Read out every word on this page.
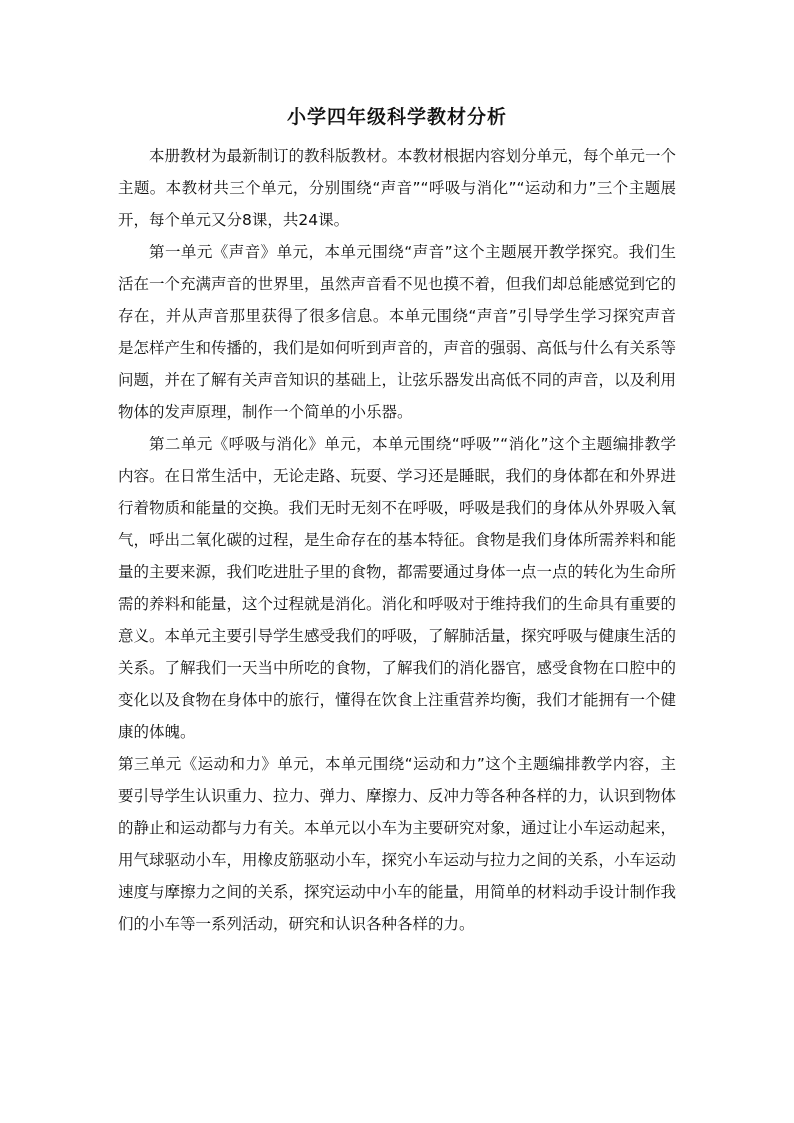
小学四年级科学教材分析

本册教材为最新制订的教科版教材。本教材根据内容划分单元，每个单元一个主题。本教材共三个单元，分别围绕“声音”“呼吸与消化”“运动和力”三个主题展开，每个单元又分8课，共24课。

第一单元《声音》单元，本单元围绕“声音”这个主题展开教学探究。我们生活在一个充满声音的世界里，虽然声音看不见也摸不着，但我们却总能感觉到它的存在，并从声音那里获得了很多信息。本单元围绕“声音”引导学生学习探究声音是怎样产生和传播的，我们是如何听到声音的，声音的强弱、高低与什么有关系等问题，并在了解有关声音知识的基础上，让弦乐器发出高低不同的声音，以及利用物体的发声原理，制作一个简单的小乐器。

第二单元《呼吸与消化》单元，本单元围绕“呼吸”“消化”这个主题编排教学内容。在日常生活中，无论走路、玩耍、学习还是睡眠，我们的身体都在和外界进行着物质和能量的交换。我们无时无刻不在呼吸，呼吸是我们的身体从外界吸入氧气，呼出二氧化碳的过程，是生命存在的基本特征。食物是我们身体所需养料和能量的主要来源，我们吃进肚子里的食物，都需要通过身体一点一点的转化为生命所需的养料和能量，这个过程就是消化。消化和呼吸对于维持我们的生命具有重要的意义。本单元主要引导学生感受我们的呼吸，了解肺活量，探究呼吸与健康生活的关系。了解我们一天当中所吃的食物，了解我们的消化器官，感受食物在口腔中的变化以及食物在身体中的旅行，懂得在饮食上注重营养均衡，我们才能拥有一个健康的体魄。

第三单元《运动和力》单元，本单元围绕“运动和力”这个主题编排教学内容，主要引导学生认识重力、拉力、弹力、摩擦力、反冲力等各种各样的力，认识到物体的静止和运动都与力有关。本单元以小车为主要研究对象，通过让小车运动起来，用气球驱动小车，用橡皮筋驱动小车，探究小车运动与拉力之间的关系，小车运动速度与摩擦力之间的关系，探究运动中小车的能量，用简单的材料动手设计制作我们的小车等一系列活动，研究和认识各种各样的力。
